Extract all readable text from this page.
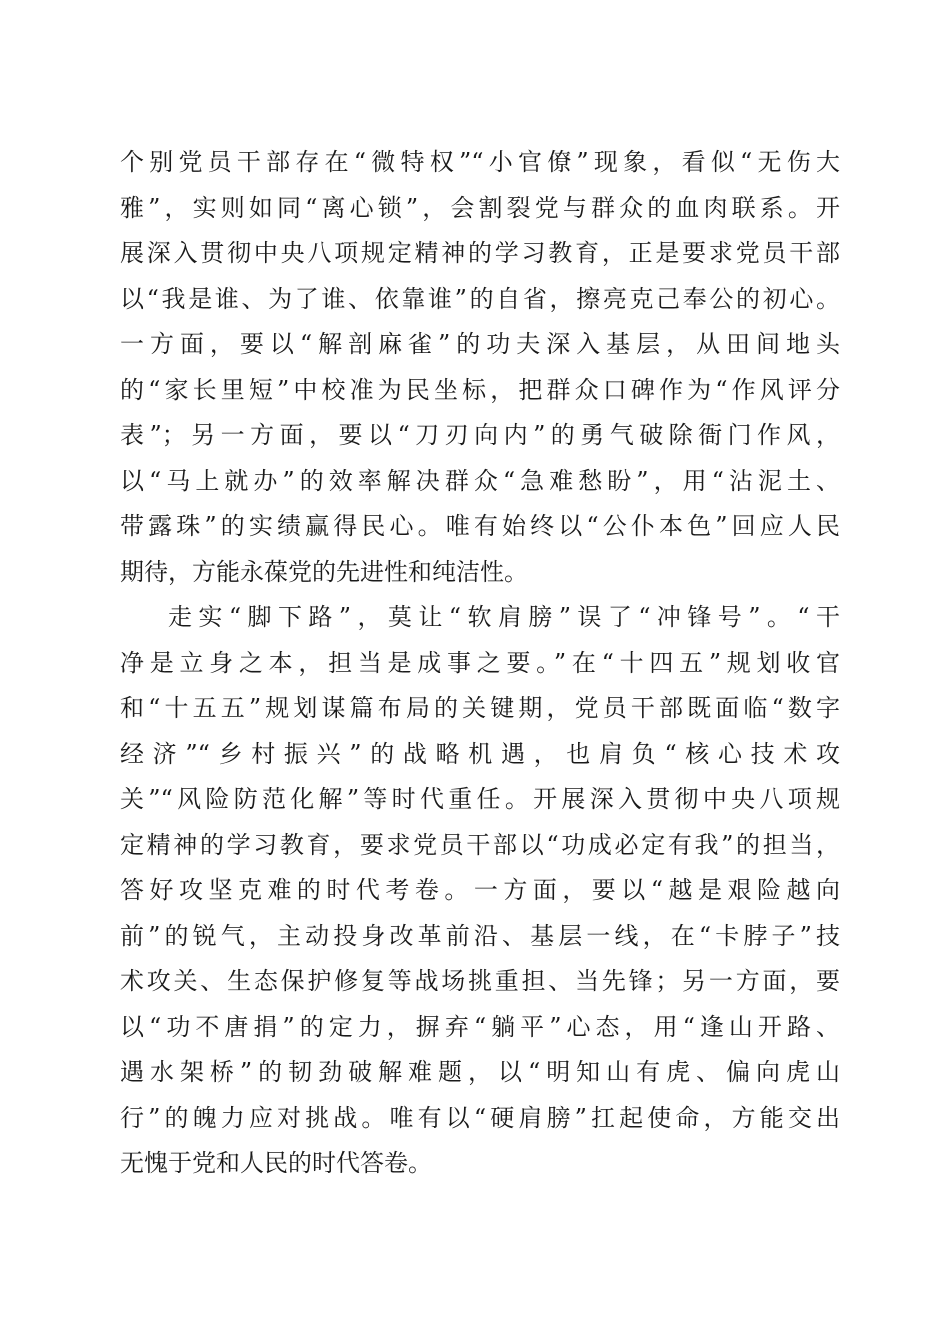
个别党员干部存在“微特权”“小官僚”现象，看似“无伤大
雅”，实则如同“离心锁”，会割裂党与群众的血肉联系。开
展深入贯彻中央八项规定精神的学习教育，正是要求党员干部
以“我是谁、为了谁、依靠谁”的自省，擦亮克己奉公的初心。
一方面，要以“解剖麻雀”的功夫深入基层，从田间地头
的“家长里短”中校准为民坐标，把群众口碑作为“作风评分
表”；另一方面，要以“刀刃向内”的勇气破除衙门作风，
以“马上就办”的效率解决群众“急难愁盼”，用“沾泥土、
带露珠”的实绩赢得民心。唯有始终以“公仆本色”回应人民
期待，方能永葆党的先进性和纯洁性。
走实“脚下路”，莫让“软肩膀”误了“冲锋号”。“干
净是立身之本，担当是成事之要。”在“十四五”规划收官
和“十五五”规划谋篇布局的关键期，党员干部既面临“数字
经济”“乡村振兴”的战略机遇，也肩负“核心技术攻
关”“风险防范化解”等时代重任。开展深入贯彻中央八项规
定精神的学习教育，要求党员干部以“功成必定有我”的担当，
答好攻坚克难的时代考卷。一方面，要以“越是艰险越向
前”的锐气，主动投身改革前沿、基层一线，在“卡脖子”技
术攻关、生态保护修复等战场挑重担、当先锋；另一方面，要
以“功不唐捐”的定力，摒弃“躺平”心态，用“逢山开路、
遇水架桥”的韧劲破解难题，以“明知山有虎、偏向虎山
行”的魄力应对挑战。唯有以“硬肩膀”扛起使命，方能交出
无愧于党和人民的时代答卷。
